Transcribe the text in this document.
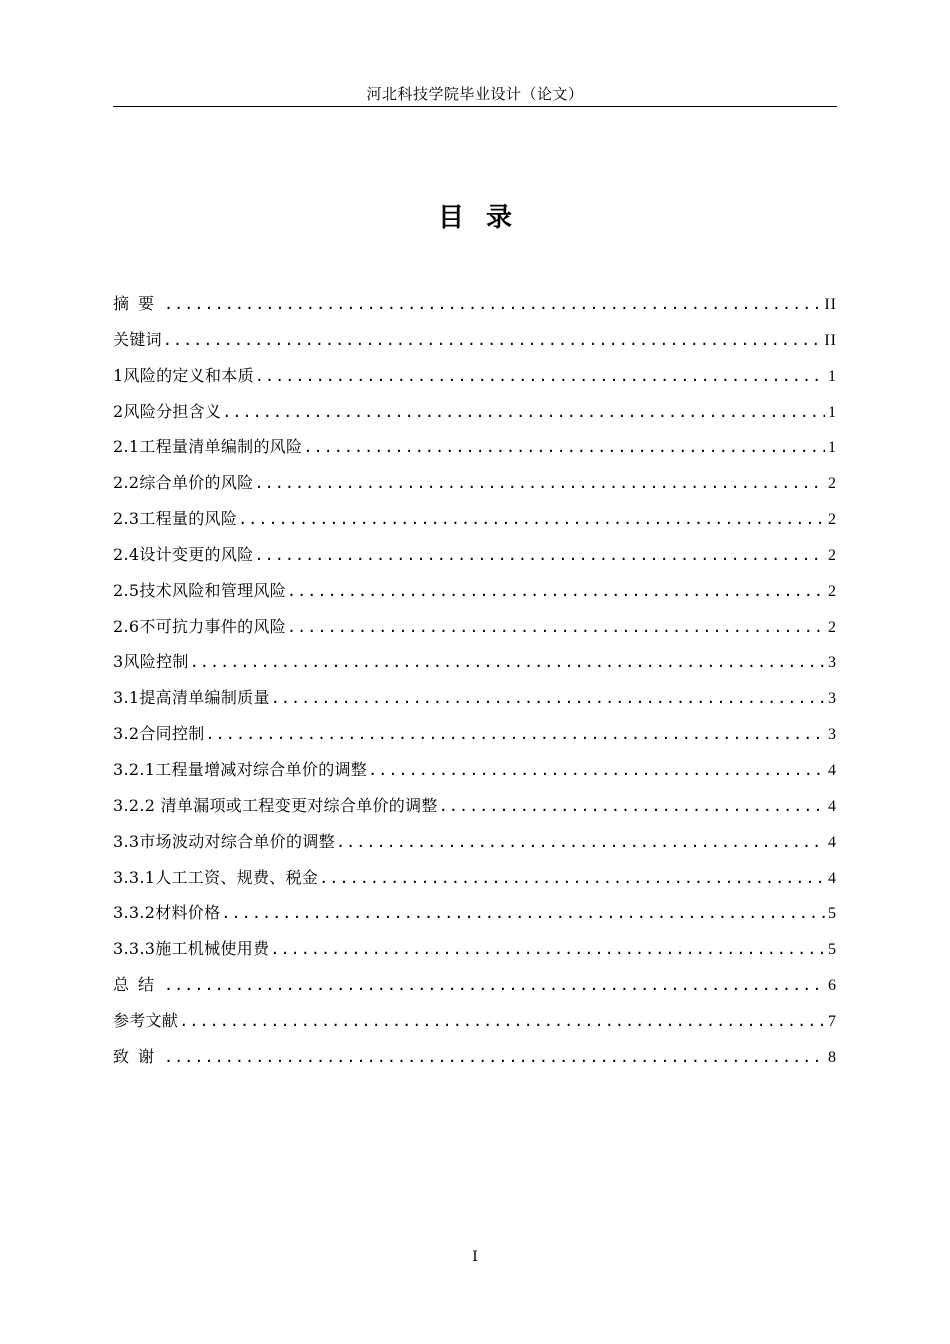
河北科技学院毕业设计（论文）
目录
摘要 .....	II
关键词 .....	II
1风险的定义和本质 .....	1
2风险分担含义 .....	1
2.1工程量清单编制的风险 .....	1
2.2综合单价的风险 .....	2
2.3工程量的风险 .....	2
2.4设计变更的风险 .....	2
2.5技术风险和管理风险 .....	2
2.6不可抗力事件的风险 .....	2
3风险控制 .....	3
3.1提高清单编制质量 .....	3
3.2合同控制 .....	3
3.2.1工程量增减对综合单价的调整 .....	4
3.2.2 清单漏项或工程变更对综合单价的调整 .....	4
3.3市场波动对综合单价的调整 .....	4
3.3.1人工工资、规费、税金 .....	4
3.3.2材料价格 .....	5
3.3.3施工机械使用费 .....	5
总结 .....	6
参考文献 .....	7
致谢 .....	8
I
